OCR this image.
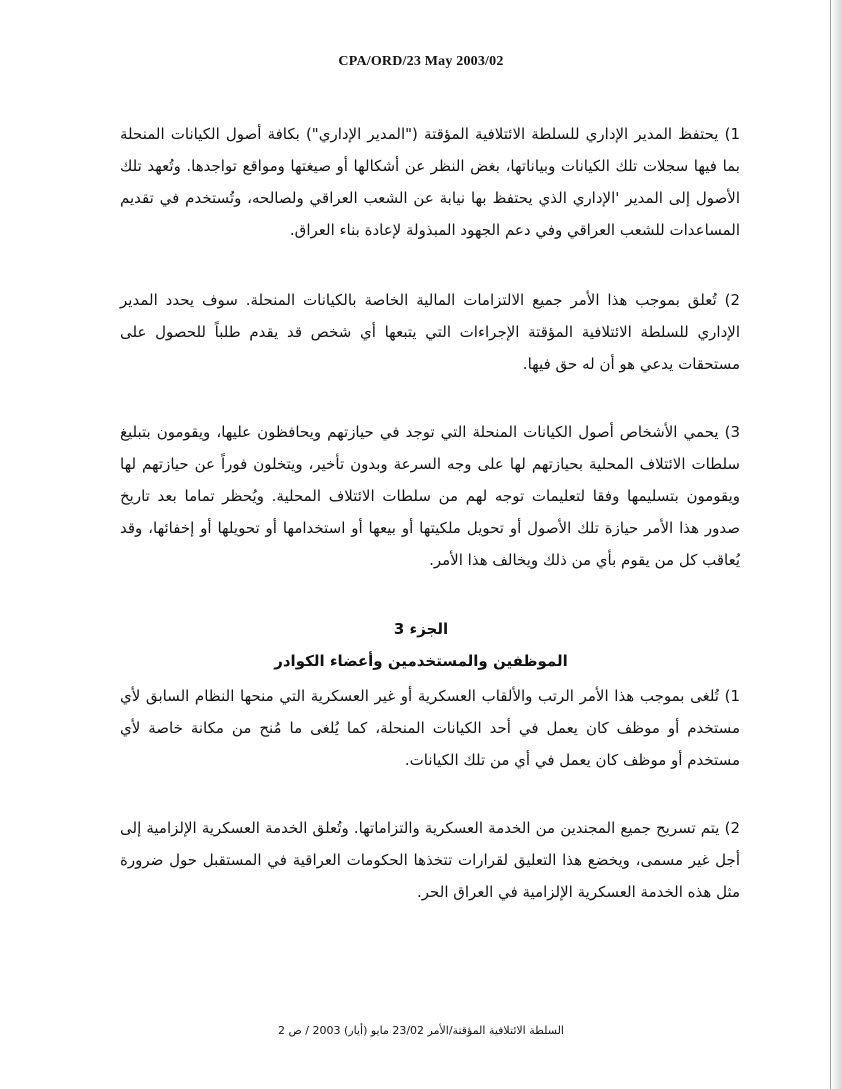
CPA/ORD/23 May 2003/02

1) يحتفظ المدير الإداري للسلطة الائتلافية المؤقتة ("المدير الإداري") بكافة أصول الكيانات المنحلة بما فيها سجلات تلك الكيانات وبياناتها، بغض النظر عن أشكالها أو صيغتها ومواقع تواجدها. وتُعهد تلك الأصول إلى المدير 'الإداري الذي يحتفظ بها نيابة عن الشعب العراقي ولصالحه، وتُستخدم في تقديم المساعدات للشعب العراقي وفي دعم الجهود المبذولة لإعادة بناء العراق.

2) تُعلق بموجب هذا الأمر جميع الالتزامات المالية الخاصة بالكيانات المنحلة. سوف يحدد المدير الإداري للسلطة الائتلافية المؤقتة الإجراءات التي يتبعها أي شخص قد يقدم طلباً للحصول على مستحقات يدعي هو أن له حق فيها.

3) يحمي الأشخاص أصول الكيانات المنحلة التي توجد في حيازتهم ويحافظون عليها، ويقومون بتبليغ سلطات الائتلاف المحلية بحيازتهم لها على وجه السرعة وبدون تأخير، ويتخلون فوراً عن حيازتهم لها ويقومون بتسليمها وفقا لتعليمات توجه لهم من سلطات الائتلاف المحلية. ويُحظر تماما بعد تاريخ صدور هذا الأمر حيازة تلك الأصول أو تحويل ملكيتها أو بيعها أو استخدامها أو تحويلها أو إخفائها، وقد يُعاقب كل من يقوم بأي من ذلك ويخالف هذا الأمر.

الجزء 3
الموظفين والمستخدمين وأعضاء الكوادر

1) تُلغى بموجب هذا الأمر الرتب والألقاب العسكرية أو غير العسكرية التي منحها النظام السابق لأي مستخدم أو موظف كان يعمل في أحد الكيانات المنحلة، كما يُلغى ما مُنح من مكانة خاصة لأي مستخدم أو موظف كان يعمل في أي من تلك الكيانات.

2) يتم تسريح جميع المجندين من الخدمة العسكرية والتزاماتها. وتُعلق الخدمة العسكرية الإلزامية إلى أجل غير مسمى، ويخضع هذا التعليق لقرارات تتخذها الحكومات العراقية في المستقبل حول ضرورة مثل هذه الخدمة العسكرية الإلزامية في العراق الحر.

السلطة الائتلافية المؤقتة/الأمر 23/02 مايو (أيار) 2003 / ص 2
